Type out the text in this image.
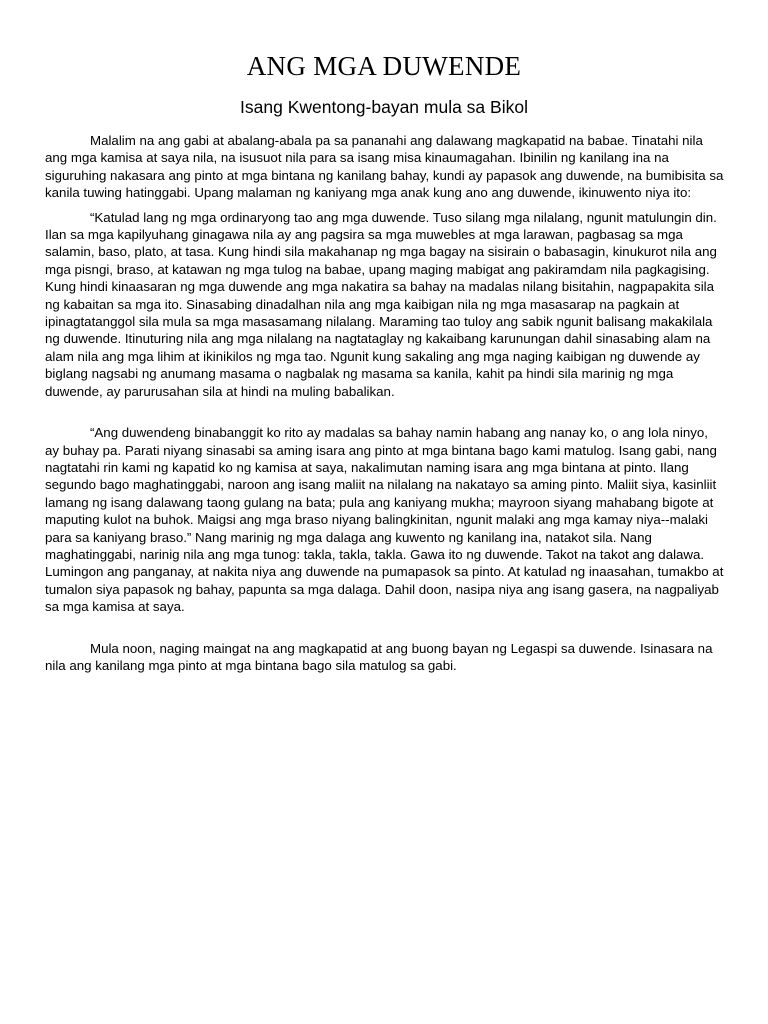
ANG MGA DUWENDE
Isang Kwentong-bayan mula sa Bikol

Malalim na ang gabi at abalang-abala pa sa pananahi ang dalawang magkapatid na babae. Tinatahi nila ang mga kamisa at saya nila, na isusuot nila para sa isang misa kinaumagahan. Ibinilin ng kanilang ina na siguruhing nakasara ang pinto at mga bintana ng kanilang bahay, kundi ay papasok ang duwende, na bumibisita sa kanila tuwing hatinggabi. Upang malaman ng kaniyang mga anak kung ano ang duwende, ikinuwento niya ito:

“Katulad lang ng mga ordinaryong tao ang mga duwende. Tuso silang mga nilalang, ngunit matulungin din. Ilan sa mga kapilyuhang ginagawa nila ay ang pagsira sa mga muwebles at mga larawan, pagbasag sa mga salamin, baso, plato, at tasa. Kung hindi sila makahanap ng mga bagay na sisirain o babasagin, kinukurot nila ang mga pisngi, braso, at katawan ng mga tulog na babae, upang maging mabigat ang pakiramdam nila pagkagising. Kung hindi kinaasaran ng mga duwende ang mga nakatira sa bahay na madalas nilang bisitahin, nagpapakita sila ng kabaitan sa mga ito. Sinasabing dinadalhan nila ang mga kaibigan nila ng mga masasarap na pagkain at ipinagtatanggol sila mula sa mga masasamang nilalang. Maraming tao tuloy ang sabik ngunit balisang makakilala ng duwende. Itinuturing nila ang mga nilalang na nagtataglay ng kakaibang karunungan dahil sinasabing alam na alam nila ang mga lihim at ikinikilos ng mga tao. Ngunit kung sakaling ang mga naging kaibigan ng duwende ay biglang nagsabi ng anumang masama o nagbalak ng masama sa kanila, kahit pa hindi sila marinig ng mga duwende, ay parurusahan sila at hindi na muling babalikan.

“Ang duwendeng binabanggit ko rito ay madalas sa bahay namin habang ang nanay ko, o ang lola ninyo, ay buhay pa. Parati niyang sinasabi sa aming isara ang pinto at mga bintana bago kami matulog. Isang gabi, nang nagtatahi rin kami ng kapatid ko ng kamisa at saya, nakalimutan naming isara ang mga bintana at pinto. Ilang segundo bago maghatinggabi, naroon ang isang maliit na nilalang na nakatayo sa aming pinto. Maliit siya, kasinliit lamang ng isang dalawang taong gulang na bata; pula ang kaniyang mukha; mayroon siyang mahabang bigote at maputing kulot na buhok. Maigsi ang mga braso niyang balingkinitan, ngunit malaki ang mga kamay niya--malaki para sa kaniyang braso.” Nang marinig ng mga dalaga ang kuwento ng kanilang ina, natakot sila. Nang maghatinggabi, narinig nila ang mga tunog: takla, takla, takla. Gawa ito ng duwende. Takot na takot ang dalawa. Lumingon ang panganay, at nakita niya ang duwende na pumapasok sa pinto. At katulad ng inaasahan, tumakbo at tumalon siya papasok ng bahay, papunta sa mga dalaga. Dahil doon, nasipa niya ang isang gasera, na nagpaliyab sa mga kamisa at saya.

Mula noon, naging maingat na ang magkapatid at ang buong bayan ng Legaspi sa duwende. Isinasara na nila ang kanilang mga pinto at mga bintana bago sila matulog sa gabi.
